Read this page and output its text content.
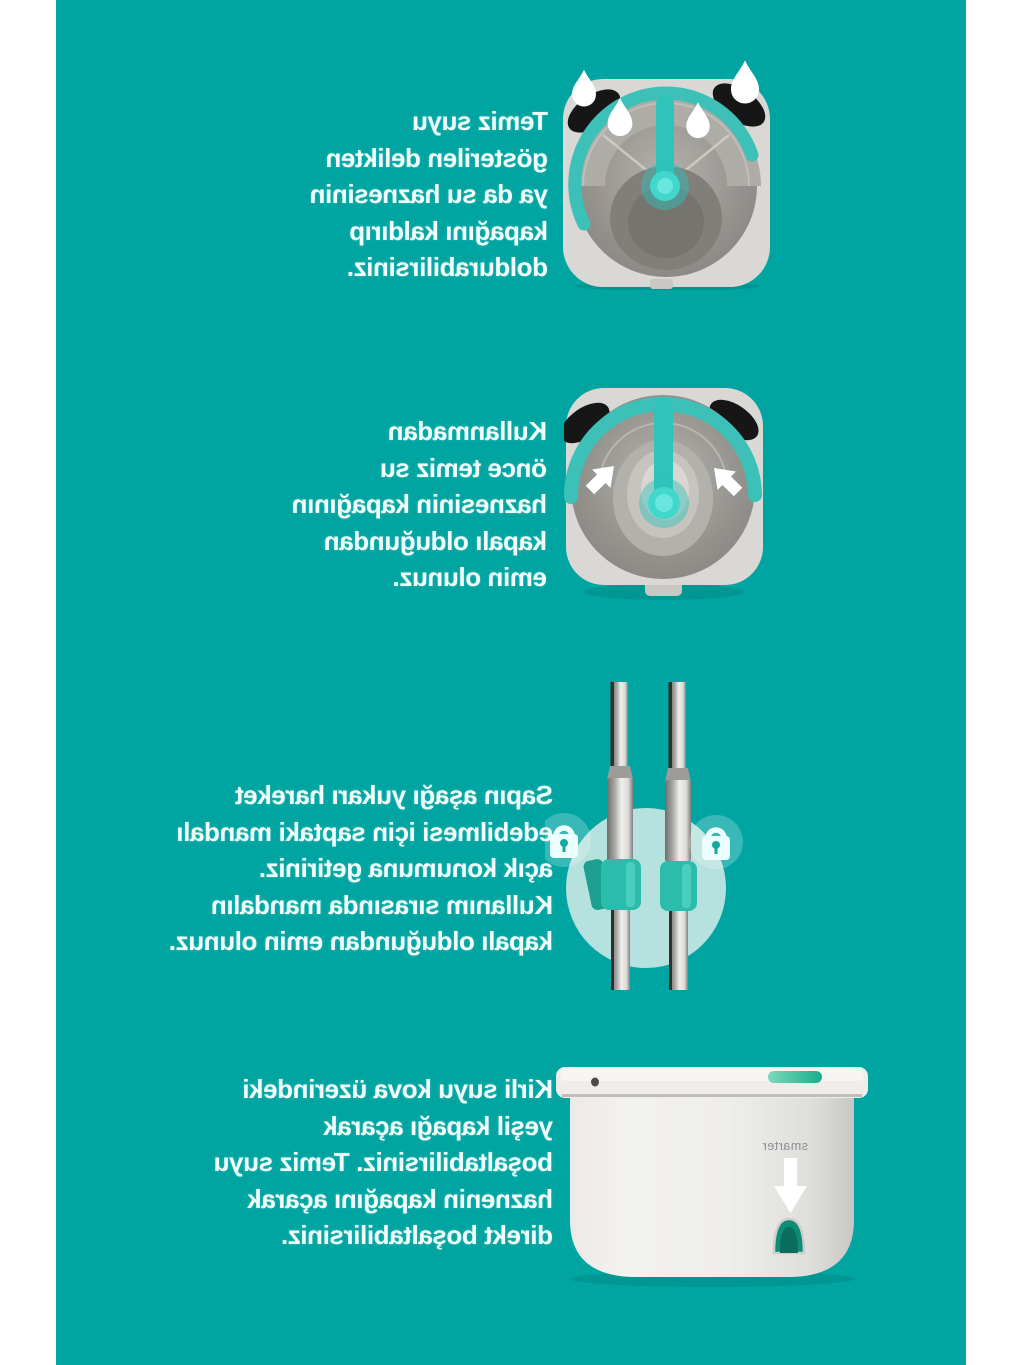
Temiz suyu
gösterilen delikten
ya da su haznesinin
kapağını kaldırıp
doldurabilirsiniz.
Kullanmadan
önce temiz su
haznesinin kapağının
kapalı olduğundan
emin olunuz.
Sapın aşağı yukarı hareket
edebilmesi için saptaki mandalı
açık konumuna getiriniz.
Kullanım sırasında mandalın
kapalı olduğundan emin olunuz.
smarter
Kirli suyu kova üzerindeki
yeşil kapağı açarak
boşaltabilirsiniz. Temiz suyu
haznenin kapağını açarak
direkt boşaltabilirsiniz.
